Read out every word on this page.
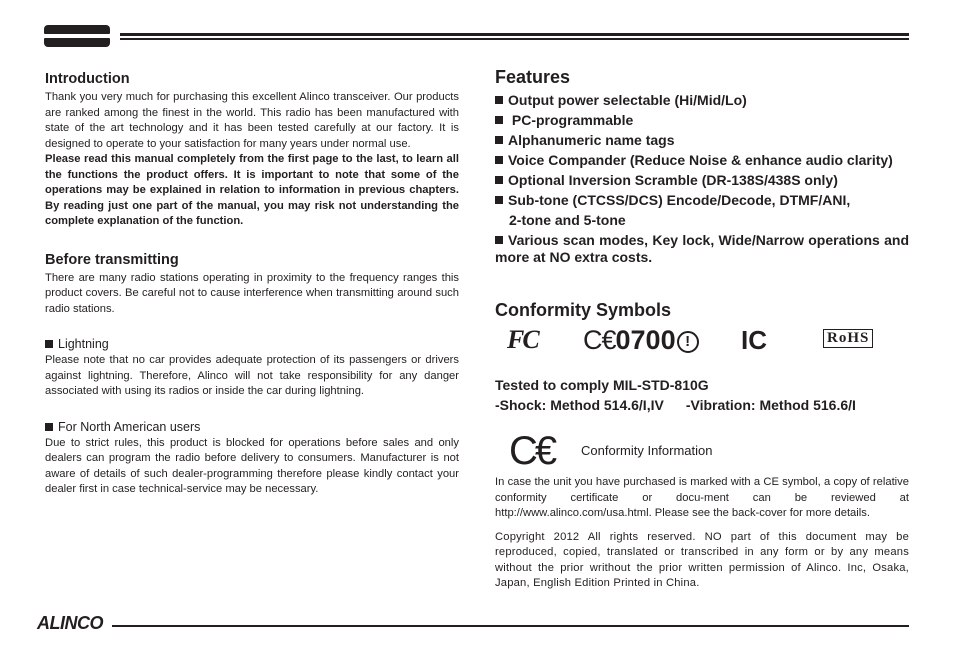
Introduction

Thank you very much for purchasing this excellent Alinco transceiver. Our products are ranked among the finest in the world. This radio has been manufactured with state of the art technology and it has been tested carefully at our factory. It is designed to operate to your satisfaction for many years under normal use.

Please read this manual completely from the first page to the last, to learn all the functions the product offers. It is important to note that some of the operations may be explained in relation to information in previous chapters. By reading just one part of the manual, you may risk not understanding the complete explanation of the function.

Before transmitting

There are many radio stations operating in proximity to the frequency ranges this product covers. Be careful not to cause interference when transmitting around such radio stations.

Lightning

Please note that no car provides adequate protection of its passengers or drivers against lightning. Therefore, Alinco will not take responsibility for any danger associated with using its radios or inside the car during lightning.

For North American users

Due to strict rules, this product is blocked for operations before sales and only dealers can program the radio before delivery to consumers. Manufacturer is not aware of details of such dealer-programming therefore please kindly contact your dealer first in case technical-service may be necessary.

Features
Output power selectable (Hi/Mid/Lo)
PC-programmable
Alphanumeric name tags
Voice Compander (Reduce Noise & enhance audio clarity)
Optional Inversion Scramble (DR-138S/438S only)
Sub-tone (CTCSS/DCS) Encode/Decode, DTMF/ANI,
2-tone and 5-tone
Various scan modes, Key lock, Wide/Narrow operations and more at NO extra costs.
Conformity Symbols
FC C€0700 !	IC	RoHS

Tested to comply MIL-STD-810G

-Shock: Method 514.6/I,IV -Vibration: Method 516.6/I

C€ Conformity Information

In case the unit you have purchased is marked with a CE symbol, a copy of relative conformity certificate or docu-ment can be reviewed at http://www.alinco.com/usa.html. Please see the back-cover for more details.

Copyright 2012 All rights reserved. NO part of this document may be reproduced, copied, translated or transcribed in any form or by any means without the prior writhout the prior written permission of Alinco. Inc, Osaka, Japan, English Edition Printed in China.

ALINCO
